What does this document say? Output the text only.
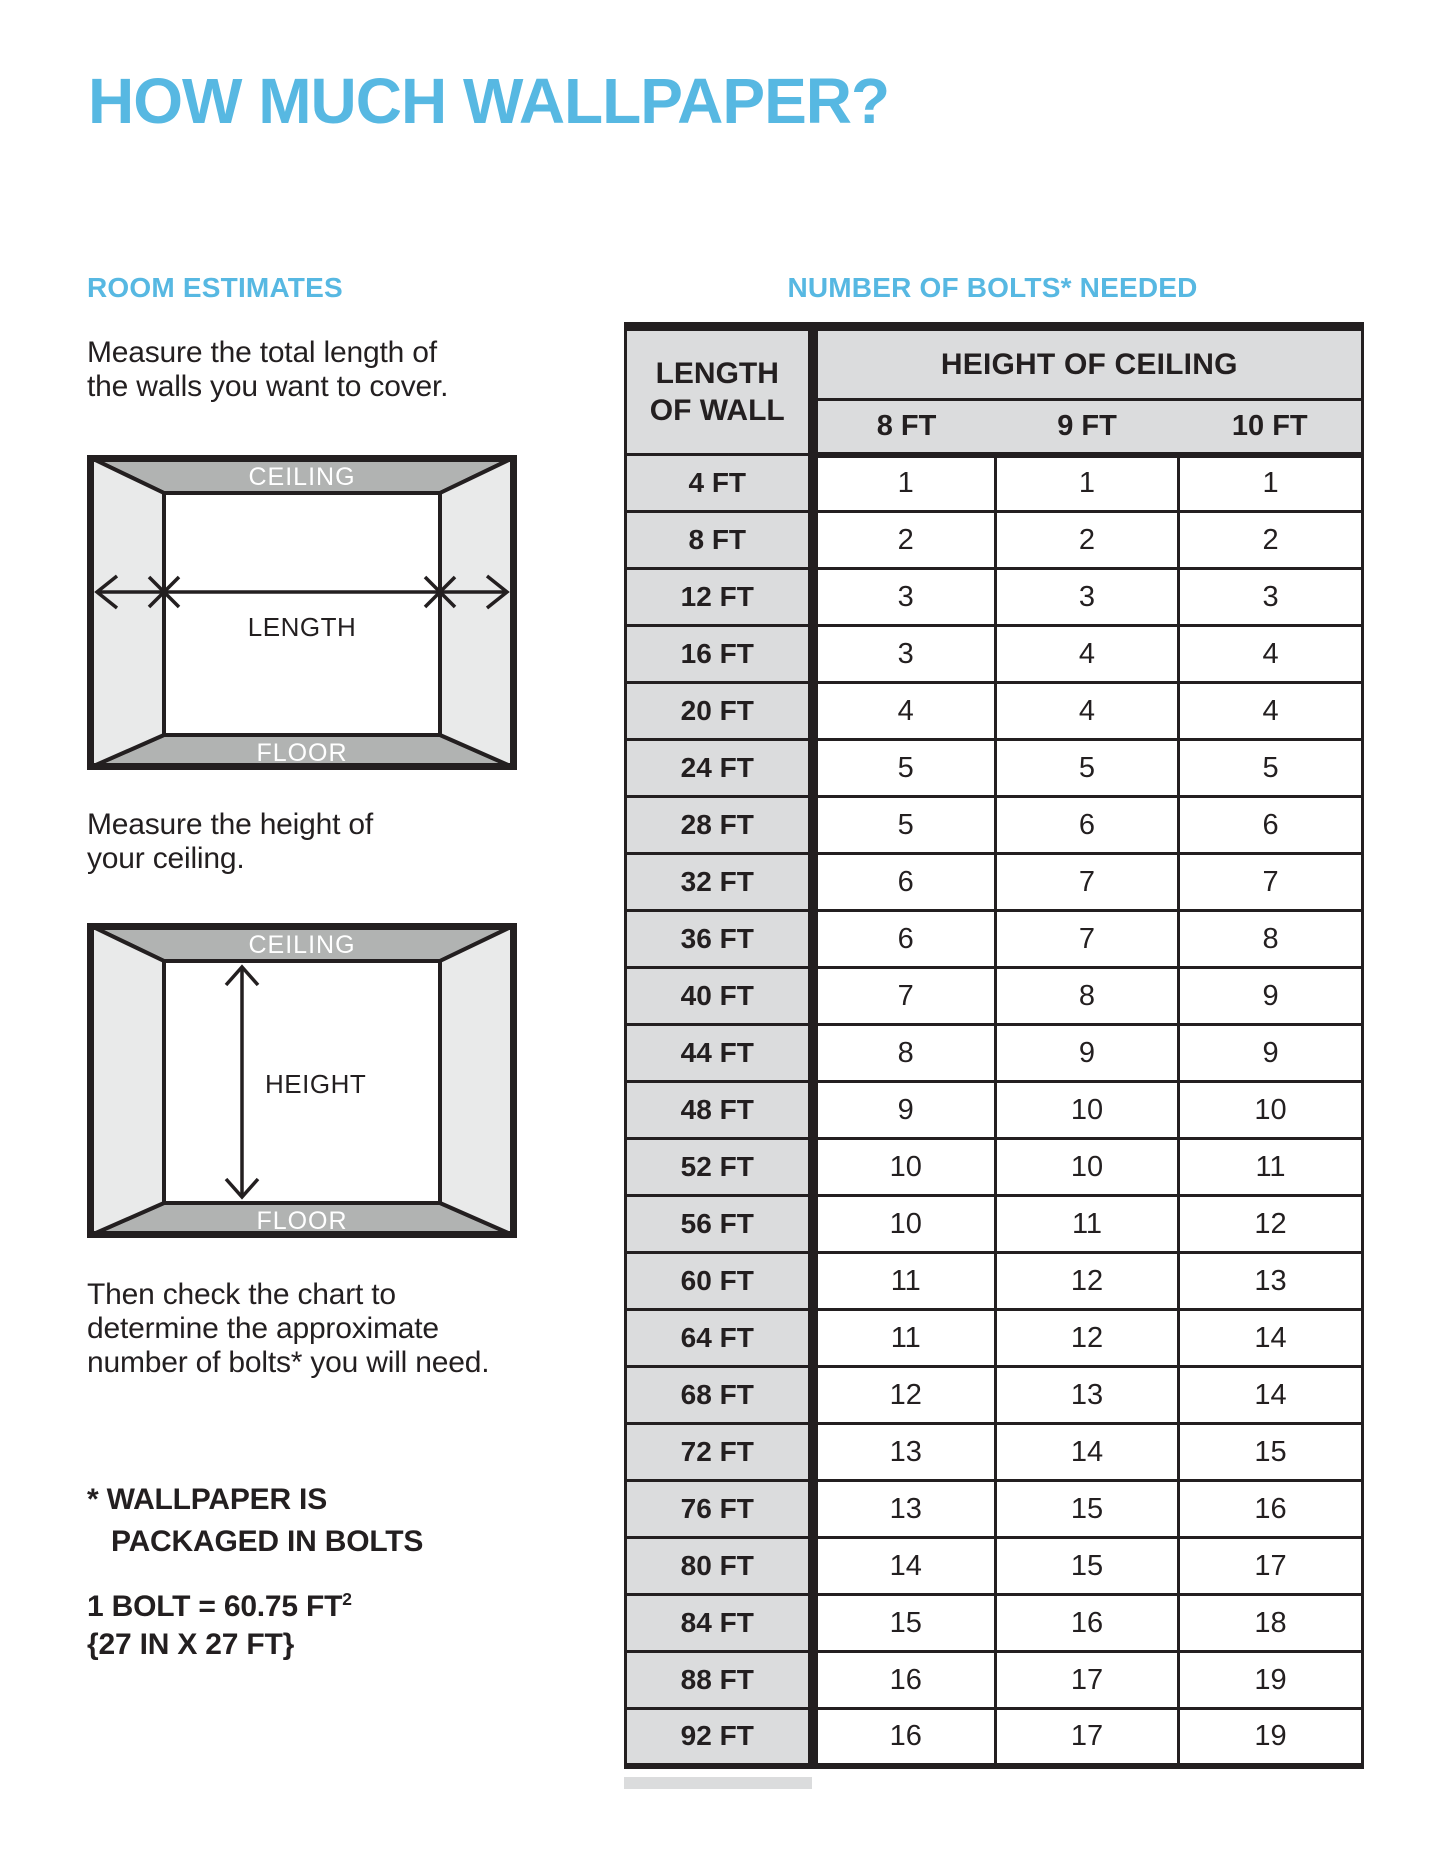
HOW MUCH WALLPAPER?
ROOM ESTIMATES	NUMBER OF BOLTS* NEEDED

Measure the total length of
the walls you want to cover.

CEILING
FLOOR
LENGTH

Measure the height of
your ceiling.

CEILING
FLOOR
HEIGHT

Then check the chart to
determine the approximate
number of bolts* you will need.

* WALLPAPER IS
PACKAGED IN BOLTS
1 BOLT = 60.75 $FT^2$
{27 IN X 27 FT}
LENGTH
OF WALL	HEIGHT OF CEILING		
	8 FT	9 FT	10 FT
4 FT	1	1	1
8 FT	2	2	2
12 FT	3	3	3
16 FT	3	4	4
20 FT	4	4	4
24 FT	5	5	5
28 FT	5	6	6
32 FT	6	7	7
36 FT	6	7	8
40 FT	7	8	9
44 FT	8	9	9
48 FT	9	10	10
52 FT	10	10	11
56 FT	10	11	12
60 FT	11	12	13
64 FT	11	12	14
68 FT	12	13	14
72 FT	13	14	15
76 FT	13	15	16
80 FT	14	15	17
84 FT	15	16	18
88 FT	16	17	19
92 FT	16	17	19
